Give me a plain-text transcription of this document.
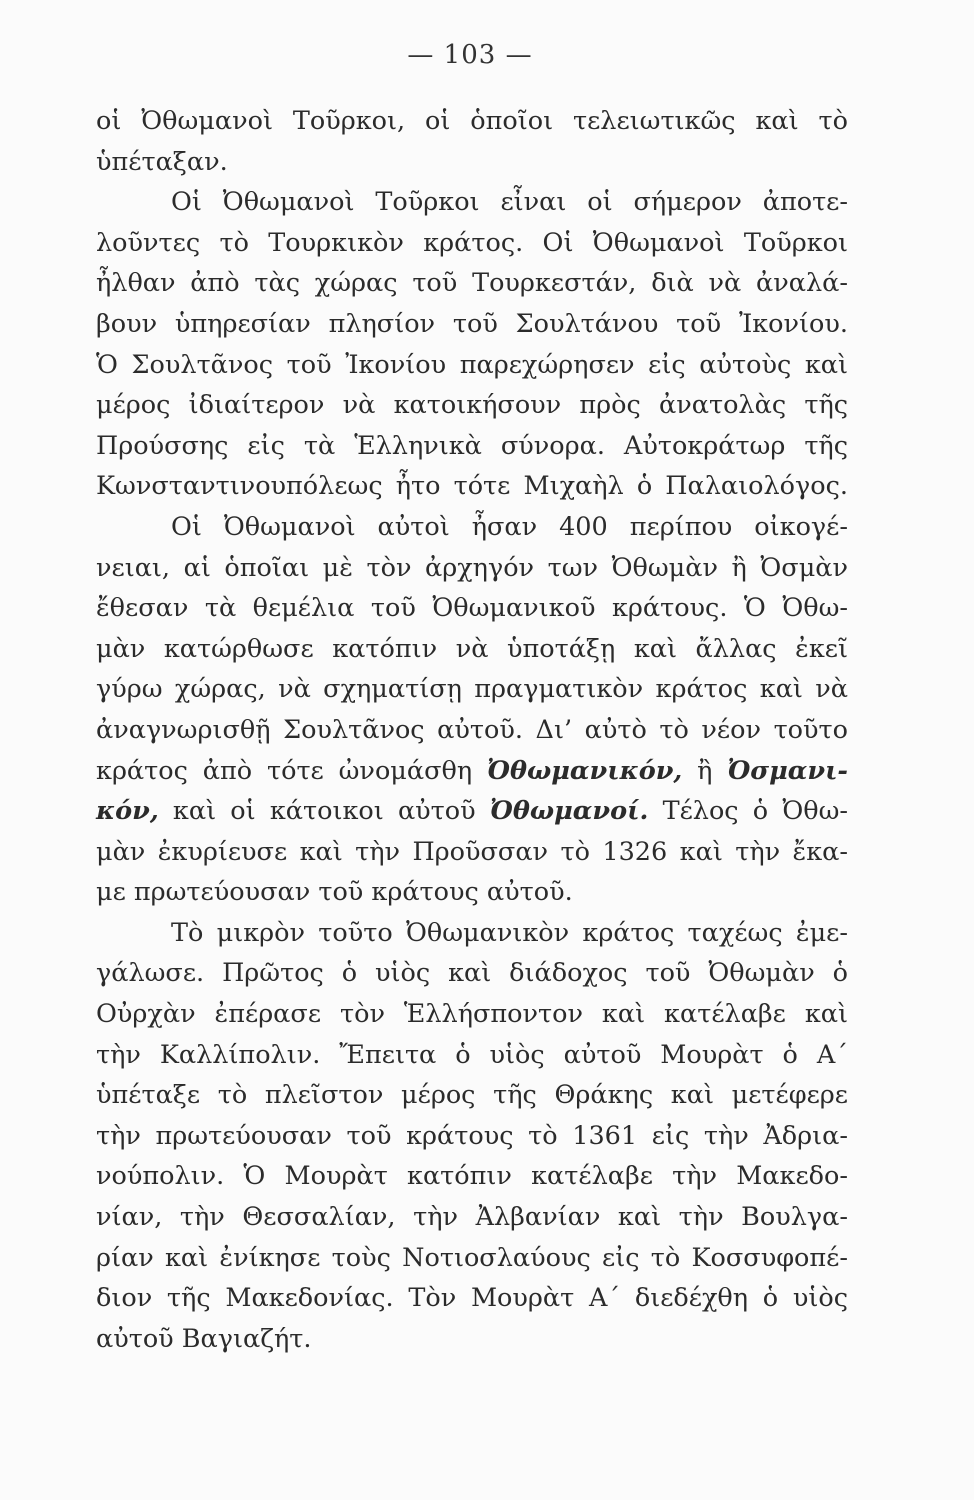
— 103 —
οἱ Ὀθωμανοὶ Τοῦρκοι, οἱ ὁποῖοι τελειωτικῶς καὶ τὸ
ὑπέταξαν.
Οἱ Ὀθωμανοὶ Τοῦρκοι εἶναι οἱ σήμερον ἀποτε-
λοῦντες τὸ Τουρκικὸν κράτος. Οἱ Ὀθωμανοὶ Τοῦρκοι
ἦλθαν ἀπὸ τὰς χώρας τοῦ Τουρκεστάν, διὰ νὰ ἀναλά-
βουν ὑπηρεσίαν πλησίον τοῦ Σουλτάνου τοῦ Ἰκονίου.
Ὁ Σουλτᾶνος τοῦ Ἰκονίου παρεχώρησεν εἰς αὐτοὺς καὶ
μέρος ἰδιαίτερον νὰ κατοικήσουν πρὸς ἀνατολὰς τῆς
Προύσσης εἰς τὰ Ἑλληνικὰ σύνορα. Αὐτοκράτωρ τῆς
Κωνσταντινουπόλεως ἦτο τότε Μιχαὴλ ὁ Παλαιολόγος.
Οἱ Ὀθωμανοὶ αὐτοὶ ἦσαν 400 περίπου οἰκογέ-
νειαι, αἱ ὁποῖαι μὲ τὸν ἀρχηγόν των Ὀθωμὰν ἢ Ὀσμὰν
ἔθεσαν τὰ θεμέλια τοῦ Ὀθωμανικοῦ κράτους. Ὁ Ὀθω-
μὰν κατώρθωσε κατόπιν νὰ ὑποτάξῃ καὶ ἄλλας ἐκεῖ
γύρω χώρας, νὰ σχηματίσῃ πραγματικὸν κράτος καὶ νὰ
ἀναγνωρισθῇ Σουλτᾶνος αὐτοῦ. Δι’ αὐτὸ τὸ νέον τοῦτο
κράτος ἀπὸ τότε ὠνομάσθη Ὀθωμανικόν, ἢ Ὀσμανι-
κόν, καὶ οἱ κάτοικοι αὐτοῦ Ὀθωμανοί. Τέλος ὁ Ὀθω-
μὰν ἐκυρίευσε καὶ τὴν Προῦσσαν τὸ 1326 καὶ τὴν ἔκα-
με πρωτεύουσαν τοῦ κράτους αὐτοῦ.
Τὸ μικρὸν τοῦτο Ὀθωμανικὸν κράτος ταχέως ἐμε-
γάλωσε. Πρῶτος ὁ υἱὸς καὶ διάδοχος τοῦ Ὀθωμὰν ὁ
Οὐρχὰν ἐπέρασε τὸν Ἑλλήσποντον καὶ κατέλαβε καὶ
τὴν Καλλίπολιν. Ἔπειτα ὁ υἱὸς αὐτοῦ Μουρὰτ ὁ Α΄
ὑπέταξε τὸ πλεῖστον μέρος τῆς Θράκης καὶ μετέφερε
τὴν πρωτεύουσαν τοῦ κράτους τὸ 1361 εἰς τὴν Ἀδρια-
νούπολιν. Ὁ Μουρὰτ κατόπιν κατέλαβε τὴν Μακεδο-
νίαν, τὴν Θεσσαλίαν, τὴν Ἀλβανίαν καὶ τὴν Βουλγα-
ρίαν καὶ ἐνίκησε τοὺς Νοτιοσλαύους εἰς τὸ Κοσσυφοπέ-
διον τῆς Μακεδονίας. Τὸν Μουρὰτ Α΄ διεδέχθη ὁ υἱὸς
αὐτοῦ Βαγιαζήτ.
